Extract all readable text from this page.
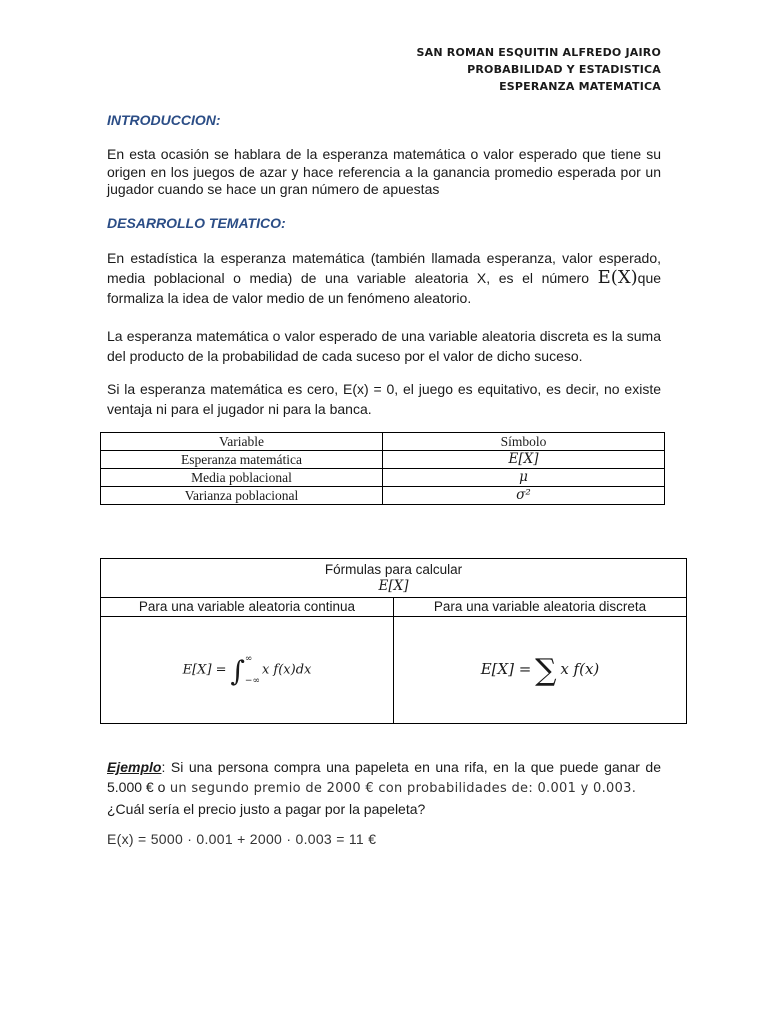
SAN ROMAN ESQUITIN ALFREDO JAIRO
PROBABILIDAD Y ESTADISTICA
ESPERANZA MATEMATICA
INTRODUCCION:
En esta ocasión se hablara de la esperanza matemática o valor esperado que tiene su origen en los juegos de azar y hace referencia a la ganancia promedio esperada por un jugador cuando se hace un gran número de apuestas
DESARROLLO TEMATICO:
En estadística la esperanza matemática (también llamada esperanza, valor esperado, media poblacional o media) de una variable aleatoria X, es el número E(X)que formaliza la idea de valor medio de un fenómeno aleatorio.
La esperanza matemática o valor esperado de una variable aleatoria discreta es la suma del producto de la probabilidad de cada suceso por el valor de dicho suceso.
Si la esperanza matemática es cero, E(x) = 0, el juego es equitativo, es decir, no existe ventaja ni para el jugador ni para la banca.
Variable	Símbolo
Esperanza matemática	E[X]
Media poblacional	μ
Varianza poblacional	σ²
Fórmulas para calcular
E[X]	

Para una variable aleatoria continua	Para una variable aleatoria discreta
E[X] = ∫∞
−∞x f(x)dx	E[X] = ∑ x f(x)
Ejemplo: Si una persona compra una papeleta en una rifa, en la que puede ganar de 5.000 € o un segundo premio de 2000 € con probabilidades de: 0.001 y 0.003.
¿Cuál sería el precio justo a pagar por la papeleta?
E(x) = 5000 · 0.001 + 2000 · 0.003 = 11 €
